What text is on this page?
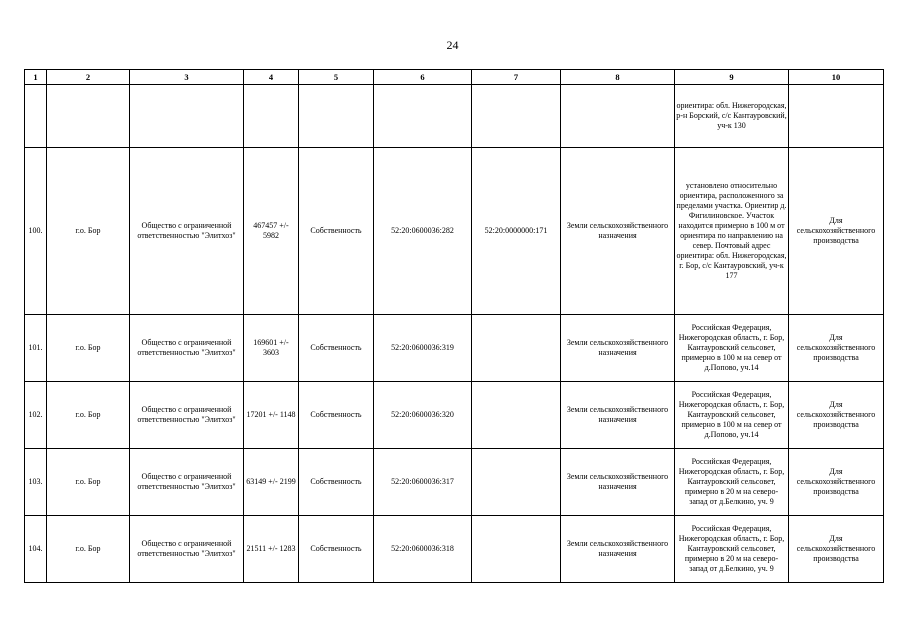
24
1	2	3	4	5	6	7	8	9	10
								ориентира: обл. Нижегородская, р-н Борский, с/с Кантауровский, уч-к 130	
100.	г.о. Бор	Общество с ограниченной ответственностью "Элитхоз"	467457 +/- 5982	Собственность	52:20:0600036:282	52:20:0000000:171	Земли сельскохозяйственного назначения	установлено относительно ориентира, расположенного за пределами участка. Ориентир д. Фигилиновское. Участок находится примерно в 100 м от ориентира по направлению на север. Почтовый адрес ориентира: обл. Нижегородская, г. Бор, с/с Кантауровский, уч-к 177	Для сельскохозяйственного производства
101.	г.о. Бор	Общество с ограниченной ответственностью "Элитхоз"	169601 +/- 3603	Собственность	52:20:0600036:319		Земли сельскохозяйственного назначения	Российская Федерация, Нижегородская область, г. Бор, Кантауровский сельсовет, примерно в 100 м на север от д.Попово, уч.14	Для сельскохозяйственного производства
102.	г.о. Бор	Общество с ограниченной ответственностью "Элитхоз"	17201 +/- 1148	Собственность	52:20:0600036:320		Земли сельскохозяйственного назначения	Российская Федерация, Нижегородская область, г. Бор, Кантауровский сельсовет, примерно в 100 м на север от д.Попово, уч.14	Для сельскохозяйственного производства
103.	г.о. Бор	Общество с ограниченной ответственностью "Элитхоз"	63149 +/- 2199	Собственность	52:20:0600036:317		Земли сельскохозяйственного назначения	Российская Федерация, Нижегородская область, г. Бор, Кантауровский сельсовет, примерно в 20 м на северо-запад от д.Белкино, уч. 9	Для сельскохозяйственного производства
104.	г.о. Бор	Общество с ограниченной ответственностью "Элитхоз"	21511 +/- 1283	Собственность	52:20:0600036:318		Земли сельскохозяйственного назначения	Российская Федерация, Нижегородская область, г. Бор, Кантауровский сельсовет, примерно в 20 м на северо-запад от д.Белкино, уч. 9	Для сельскохозяйственного производства
